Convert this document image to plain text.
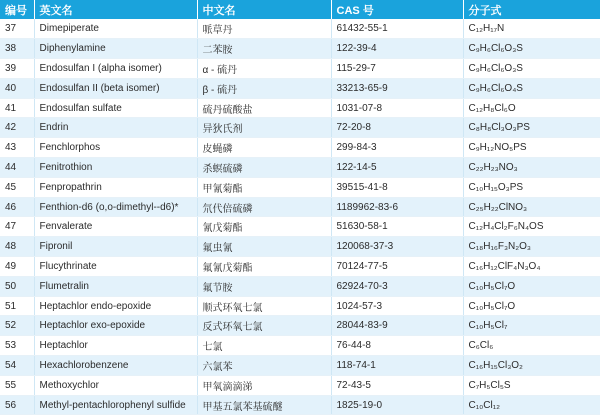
编号	英文名	中文名	CAS 号	分子式
37	Dimepiperate	哌草丹	61432-55-1	C₁₂H₁₇N
38	Diphenylamine	二苯胺	122-39-4	C₉H₆Cl₆O₃S
39	Endosulfan I (alpha isomer)	α - 硫丹	115-29-7	C₉H₆Cl₆O₃S
40	Endosulfan II (beta isomer)	β - 硫丹	33213-65-9	C₉H₆Cl₆O₄S
41	Endosulfan sulfate	硫丹硫酸盐	1031-07-8	C₁₂H₈Cl₆O
42	Endrin	异狄氏剂	72-20-8	C₈H₈Cl₃O₃PS
43	Fenchlorphos	皮蝇磷	299-84-3	C₉H₁₂NO₅PS
44	Fenitrothion	杀螟硫磷	122-14-5	C₂₂H₂₃NO₃
45	Fenpropathrin	甲氰菊酯	39515-41-8	C₁₀H₁₅O₃PS
46	Fenthion-d6 (o,o-dimethyl--d6)*	氘代倍硫磷	1189962-83-6	C₂₅H₂₂ClNO₃
47	Fenvalerate	氰戊菊酯	51630-58-1	C₁₂H₄Cl₂F₆N₄OS
48	Fipronil	氟虫氰	120068-37-3	C₁₈H₁₆F₃N₂O₃
49	Flucythrinate	氟氰戊菊酯	70124-77-5	C₁₆H₁₂ClF₄N₃O₄
50	Flumetralin	氟节胺	62924-70-3	C₁₀H₅Cl₇O
51	Heptachlor endo-epoxide	顺式环氧七氯	1024-57-3	C₁₀H₅Cl₇O
52	Heptachlor exo-epoxide	反式环氧七氯	28044-83-9	C₁₀H₅Cl₇
53	Heptachlor	七氯	76-44-8	C₆Cl₆
54	Hexachlorobenzene	六氯苯	118-74-1	C₁₆H₁₅Cl₃O₂
55	Methoxychlor	甲氧滴滴涕	72-43-5	C₇H₅Cl₅S
56	Methyl-pentachlorophenyl sulfide	甲基五氯苯基硫醚	1825-19-0	C₁₀Cl₁₂
